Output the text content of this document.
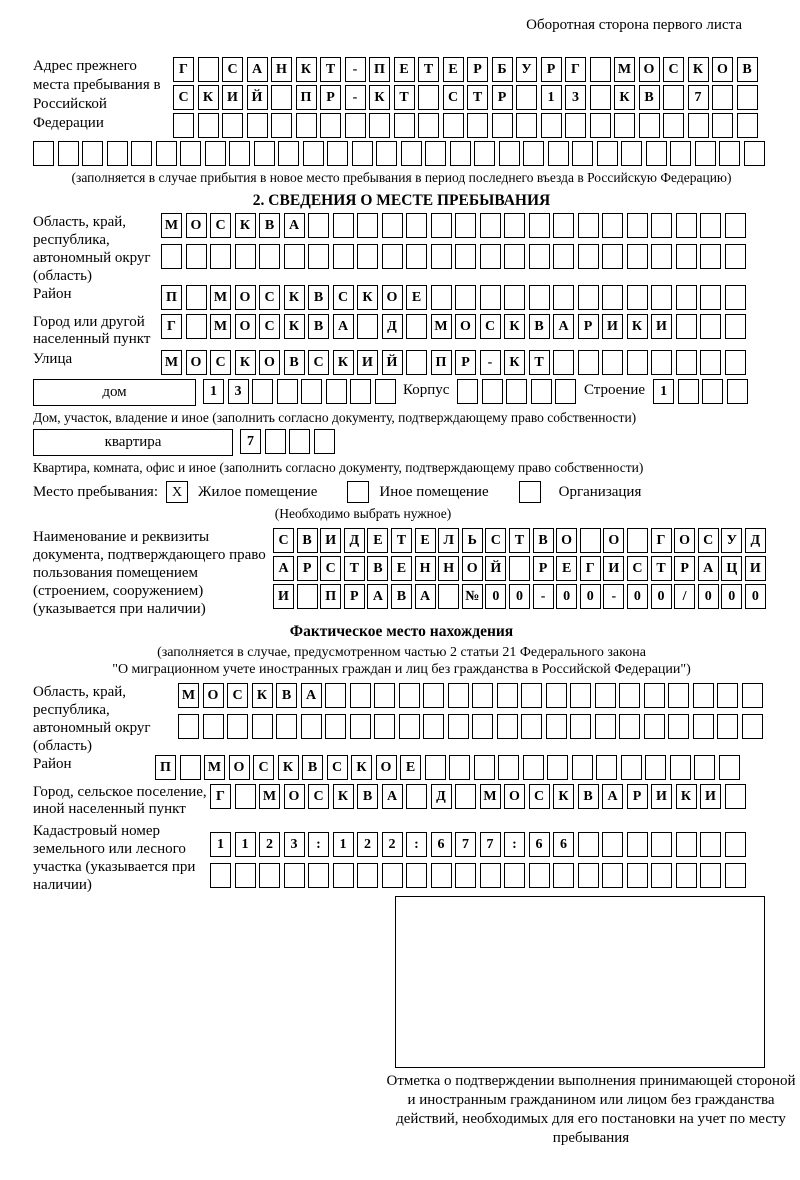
Оборотная сторона первого листа
Адрес прежнего места пребывания в Российской Федерации
Г	С	А Н К	Т	-	П	Е	Т	Е	Р	Б	У	Р	Г	М О	С	К О	В
С	К И Й	П	Р	-	К	Т	С	Т	Р	1	3	К	В	7
(заполняется в случае прибытия в новое место пребывания в период последнего въезда в Российскую Федерацию)
2. СВЕДЕНИЯ О МЕСТЕ ПРЕБЫВАНИЯ
Область, край, республика, автономный округ (область)
М О	С	К	В	А
Район	П	М О	С	К	В	С	К О	Е
Город или другой населенный пункт
Г	М О	С	К	В	А	Д	М О	С	К	В	А	Р	И К И
Улица	М О	С	К О	В	С	К И Й	П	Р	-	К	Т
дом	1	3	Корпус	Строение	1
Дом, участок, владение и иное (заполнить согласно документу, подтверждающему право собственности)
квартира	7
Квартира, комната, офис и иное (заполнить согласно документу, подтверждающему право собственности)
Место пребывания: X	Жилое помещение	Иное помещение	Организация
(Необходимо выбрать нужное)
Наименование и реквизиты документа, подтверждающего право пользования помещением (строением, сооружением) (указывается при наличии)
С В И Д	Е	Т	Е Л Ь С Т	В О	О	Г О С У Д
А	Р	С Т	В	Е Н Н О Й	Р	Е	Г И С Т	Р	А Ц И
И	П Р	А В А	№ 0	0	-	0	0	-	0	0	/	0	0	0
Фактическое место нахождения
(заполняется в случае, предусмотренном частью 2 статьи 21 Федерального закона
"О миграционном учете иностранных граждан и лиц без гражданства в Российской Федерации")
Область, край, республика, автономный округ (область)
М О	С	К	В	А
Район	П	М О	С	К	В	С	К О	Е
Город, сельское поселение, иной населенный пункт
Г	М О	С	К	В	А	Д	М О	С	К	В	А	Р	И К И
Кадастровый номер земельного или лесного участка (указывается при наличии)
1	1	2	3	:	1	2	2	:	6	7	7	:	6	6
Отметка о подтверждении выполнения принимающей стороной и иностранным гражданином или лицом без гражданства действий, необходимых для его постановки на учет по месту пребывания
